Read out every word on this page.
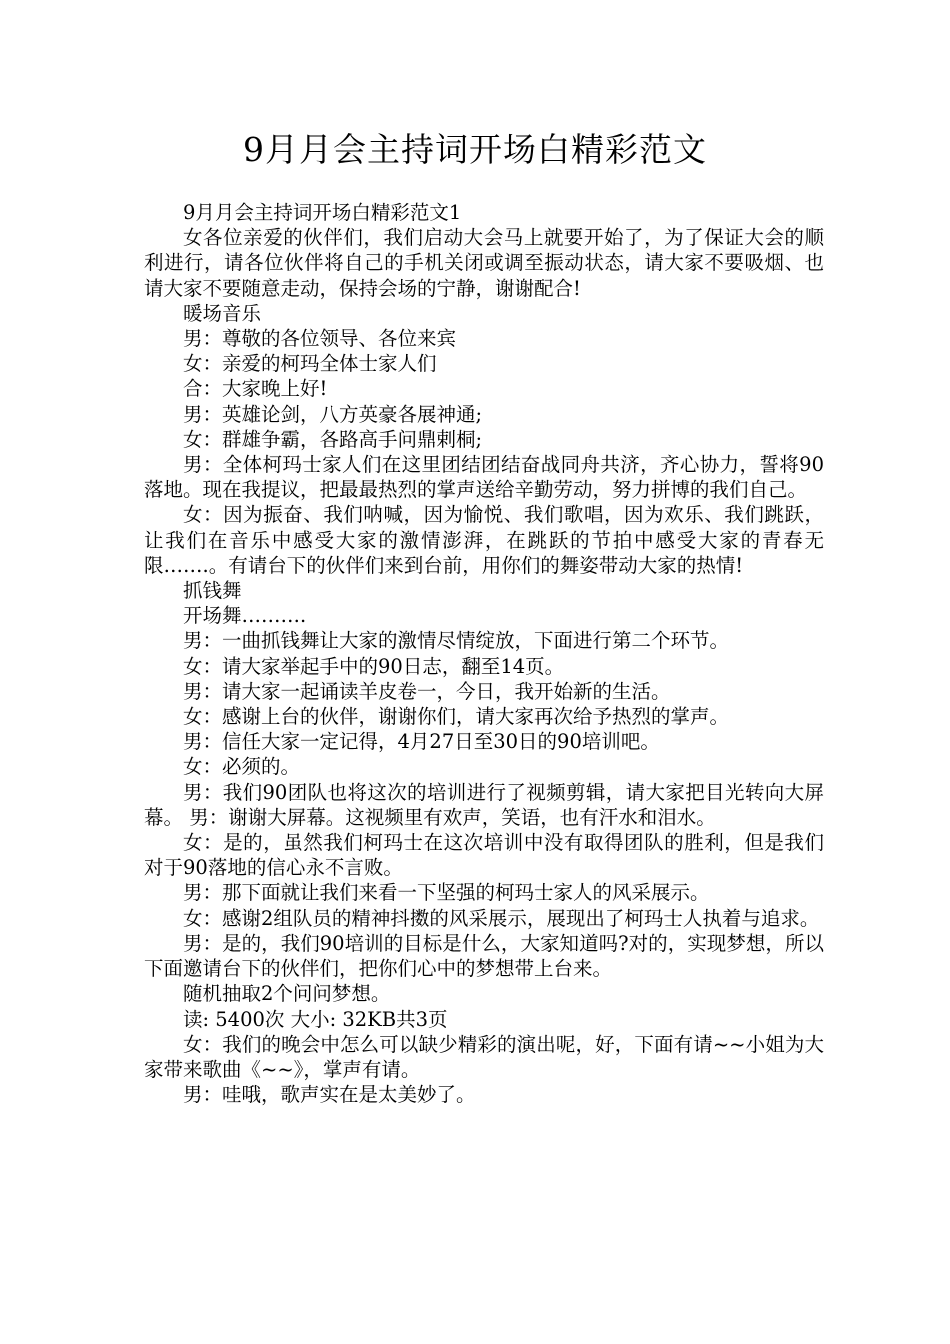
9月月会主持词开场白精彩范文

9月月会主持词开场白精彩范文1

女各位亲爱的伙伴们，我们启动大会马上就要开始了，为了保证大会的顺利进行，请各位伙伴将自己的手机关闭或调至振动状态，请大家不要吸烟、也请大家不要随意走动，保持会场的宁静，谢谢配合!

暖场音乐

男：尊敬的各位领导、各位来宾

女：亲爱的柯玛全体士家人们

合：大家晚上好!

男：英雄论剑，八方英豪各展神通;

女：群雄争霸，各路高手问鼎剌桐;

男：全体柯玛士家人们在这里团结团结奋战同舟共济，齐心协力，誓将90落地。现在我提议，把最最热烈的掌声送给辛勤劳动，努力拼博的我们自己。

女：因为振奋、我们呐喊，因为愉悦、我们歌唱，因为欢乐、我们跳跃，让我们在音乐中感受大家的激情澎湃，在跳跃的节拍中感受大家的青春无限…….。有请台下的伙伴们来到台前，用你们的舞姿带动大家的热情!

抓钱舞

开场舞……….

男：一曲抓钱舞让大家的激情尽情绽放，下面进行第二个环节。

女：请大家举起手中的90日志，翻至14页。

男：请大家一起诵读羊皮卷一，今日，我开始新的生活。

女：感谢上台的伙伴，谢谢你们，请大家再次给予热烈的掌声。

男：信任大家一定记得，4月27日至30日的90培训吧。

女：必须的。

男：我们90团队也将这次的培训进行了视频剪辑，请大家把目光转向大屏幕。 男：谢谢大屏幕。这视频里有欢声，笑语，也有汗水和泪水。

女：是的，虽然我们柯玛士在这次培训中没有取得团队的胜利，但是我们对于90落地的信心永不言败。

男：那下面就让我们来看一下坚强的柯玛士家人的风采展示。

女：感谢2组队员的精神抖擞的风采展示，展现出了柯玛士人执着与追求。

男：是的，我们90培训的目标是什么，大家知道吗?对的，实现梦想，所以下面邀请台下的伙伴们，把你们心中的梦想带上台来。

随机抽取2个问问梦想。

读: 5400次 大小: 32KB共3页

女：我们的晚会中怎么可以缺少精彩的演出呢，好，下面有请~~小姐为大家带来歌曲《~~》，掌声有请。

男：哇哦，歌声实在是太美妙了。
